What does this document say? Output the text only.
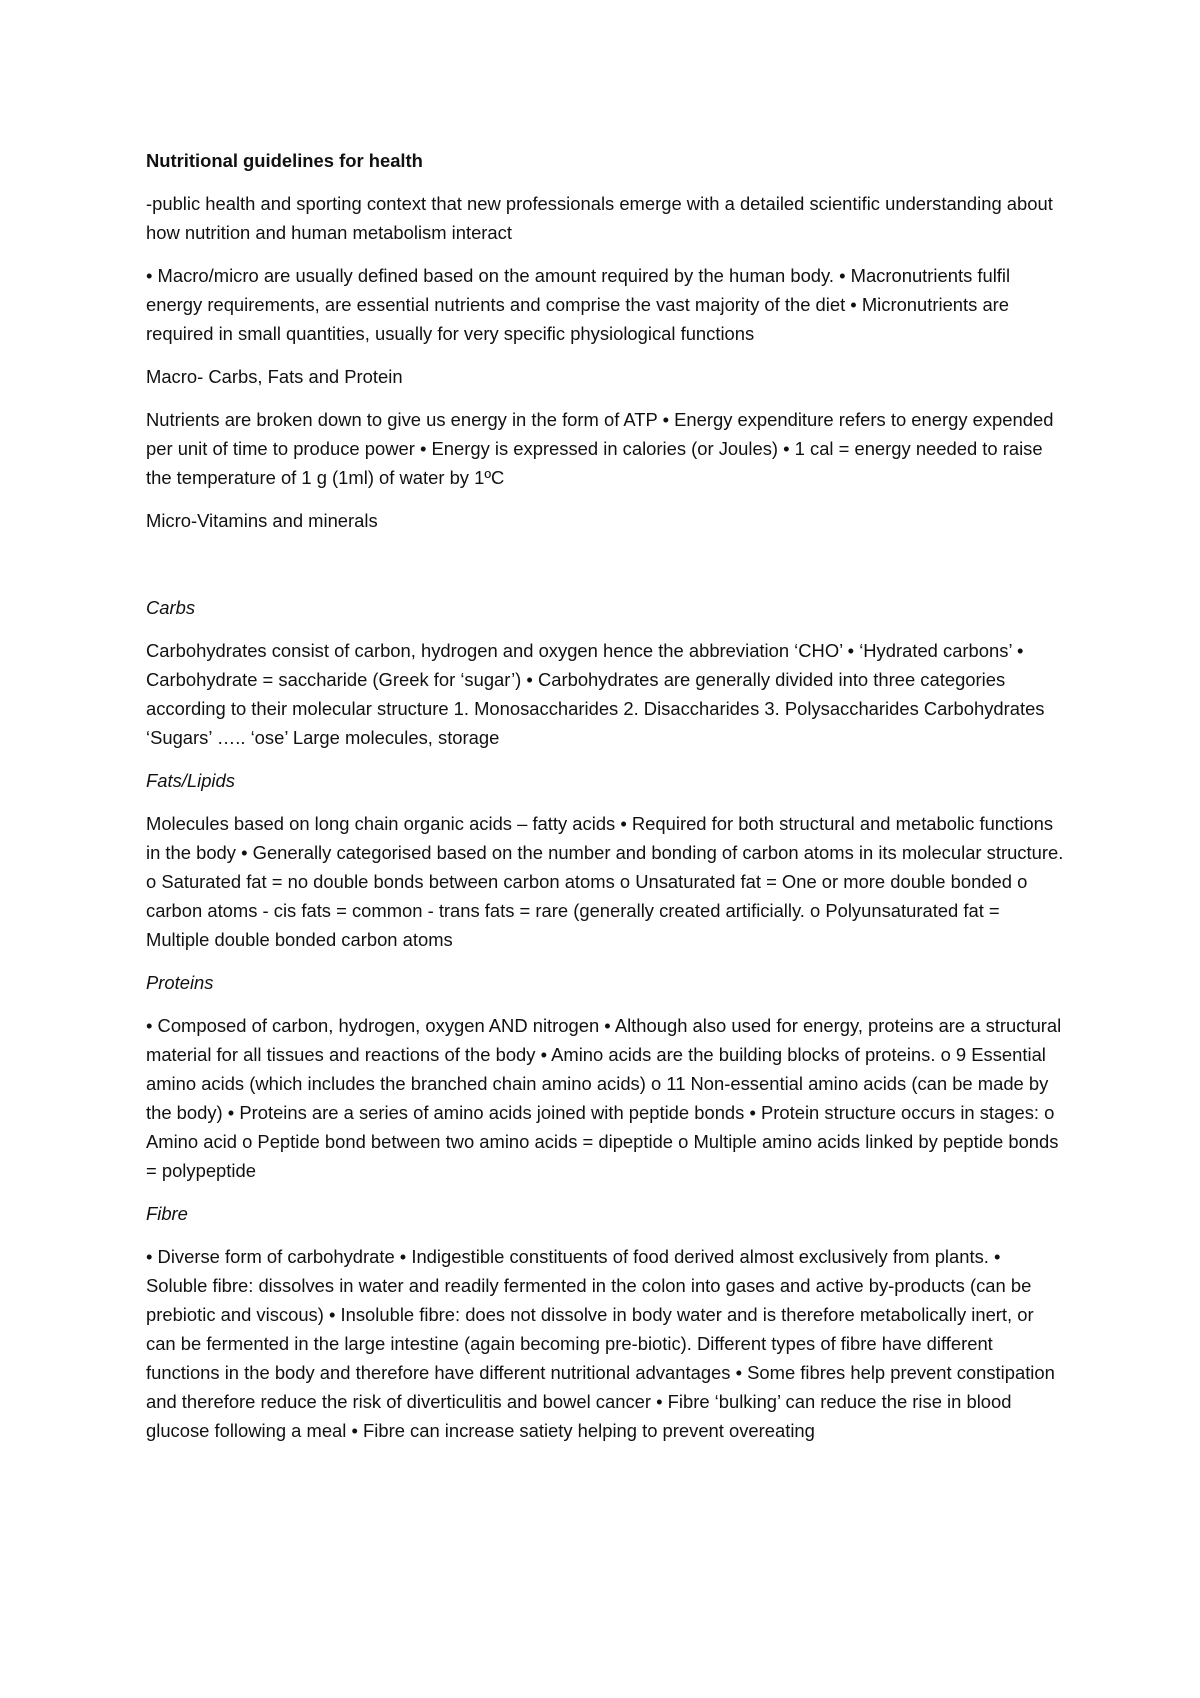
Nutritional guidelines for health

-public health and sporting context that new professionals emerge with a detailed scientific understanding about how nutrition and human metabolism interact

• Macro/micro are usually defined based on the amount required by the human body. • Macronutrients fulfil energy requirements, are essential nutrients and comprise the vast majority of the diet • Micronutrients are required in small quantities, usually for very specific physiological functions

Macro- Carbs, Fats and Protein

Nutrients are broken down to give us energy in the form of ATP • Energy expenditure refers to energy expended per unit of time to produce power • Energy is expressed in calories (or Joules) • 1 cal = energy needed to raise the temperature of 1 g (1ml) of water by 1ºC

Micro-Vitamins and minerals

Carbs

Carbohydrates consist of carbon, hydrogen and oxygen hence the abbreviation ‘CHO’ • ‘Hydrated carbons’ • Carbohydrate = saccharide (Greek for ‘sugar’) • Carbohydrates are generally divided into three categories according to their molecular structure 1. Monosaccharides 2. Disaccharides 3. Polysaccharides Carbohydrates ‘Sugars’ ….. ‘ose’ Large molecules, storage

Fats/Lipids

Molecules based on long chain organic acids – fatty acids • Required for both structural and metabolic functions in the body • Generally categorised based on the number and bonding of carbon atoms in its molecular structure. o Saturated fat = no double bonds between carbon atoms o Unsaturated fat = One or more double bonded o carbon atoms - cis fats = common - trans fats = rare (generally created artificially. o Polyunsaturated fat = Multiple double bonded carbon atoms

Proteins

• Composed of carbon, hydrogen, oxygen AND nitrogen • Although also used for energy, proteins are a structural material for all tissues and reactions of the body • Amino acids are the building blocks of proteins. o 9 Essential amino acids (which includes the branched chain amino acids) o 11 Non-essential amino acids (can be made by the body) • Proteins are a series of amino acids joined with peptide bonds • Protein structure occurs in stages: o Amino acid o Peptide bond between two amino acids = dipeptide o Multiple amino acids linked by peptide bonds = polypeptide

Fibre

• Diverse form of carbohydrate • Indigestible constituents of food derived almost exclusively from plants. • Soluble fibre: dissolves in water and readily fermented in the colon into gases and active by-products (can be prebiotic and viscous) • Insoluble fibre: does not dissolve in body water and is therefore metabolically inert, or can be fermented in the large intestine (again becoming pre-biotic). Different types of fibre have different functions in the body and therefore have different nutritional advantages • Some fibres help prevent constipation and therefore reduce the risk of diverticulitis and bowel cancer • Fibre ‘bulking’ can reduce the rise in blood glucose following a meal • Fibre can increase satiety helping to prevent overeating
